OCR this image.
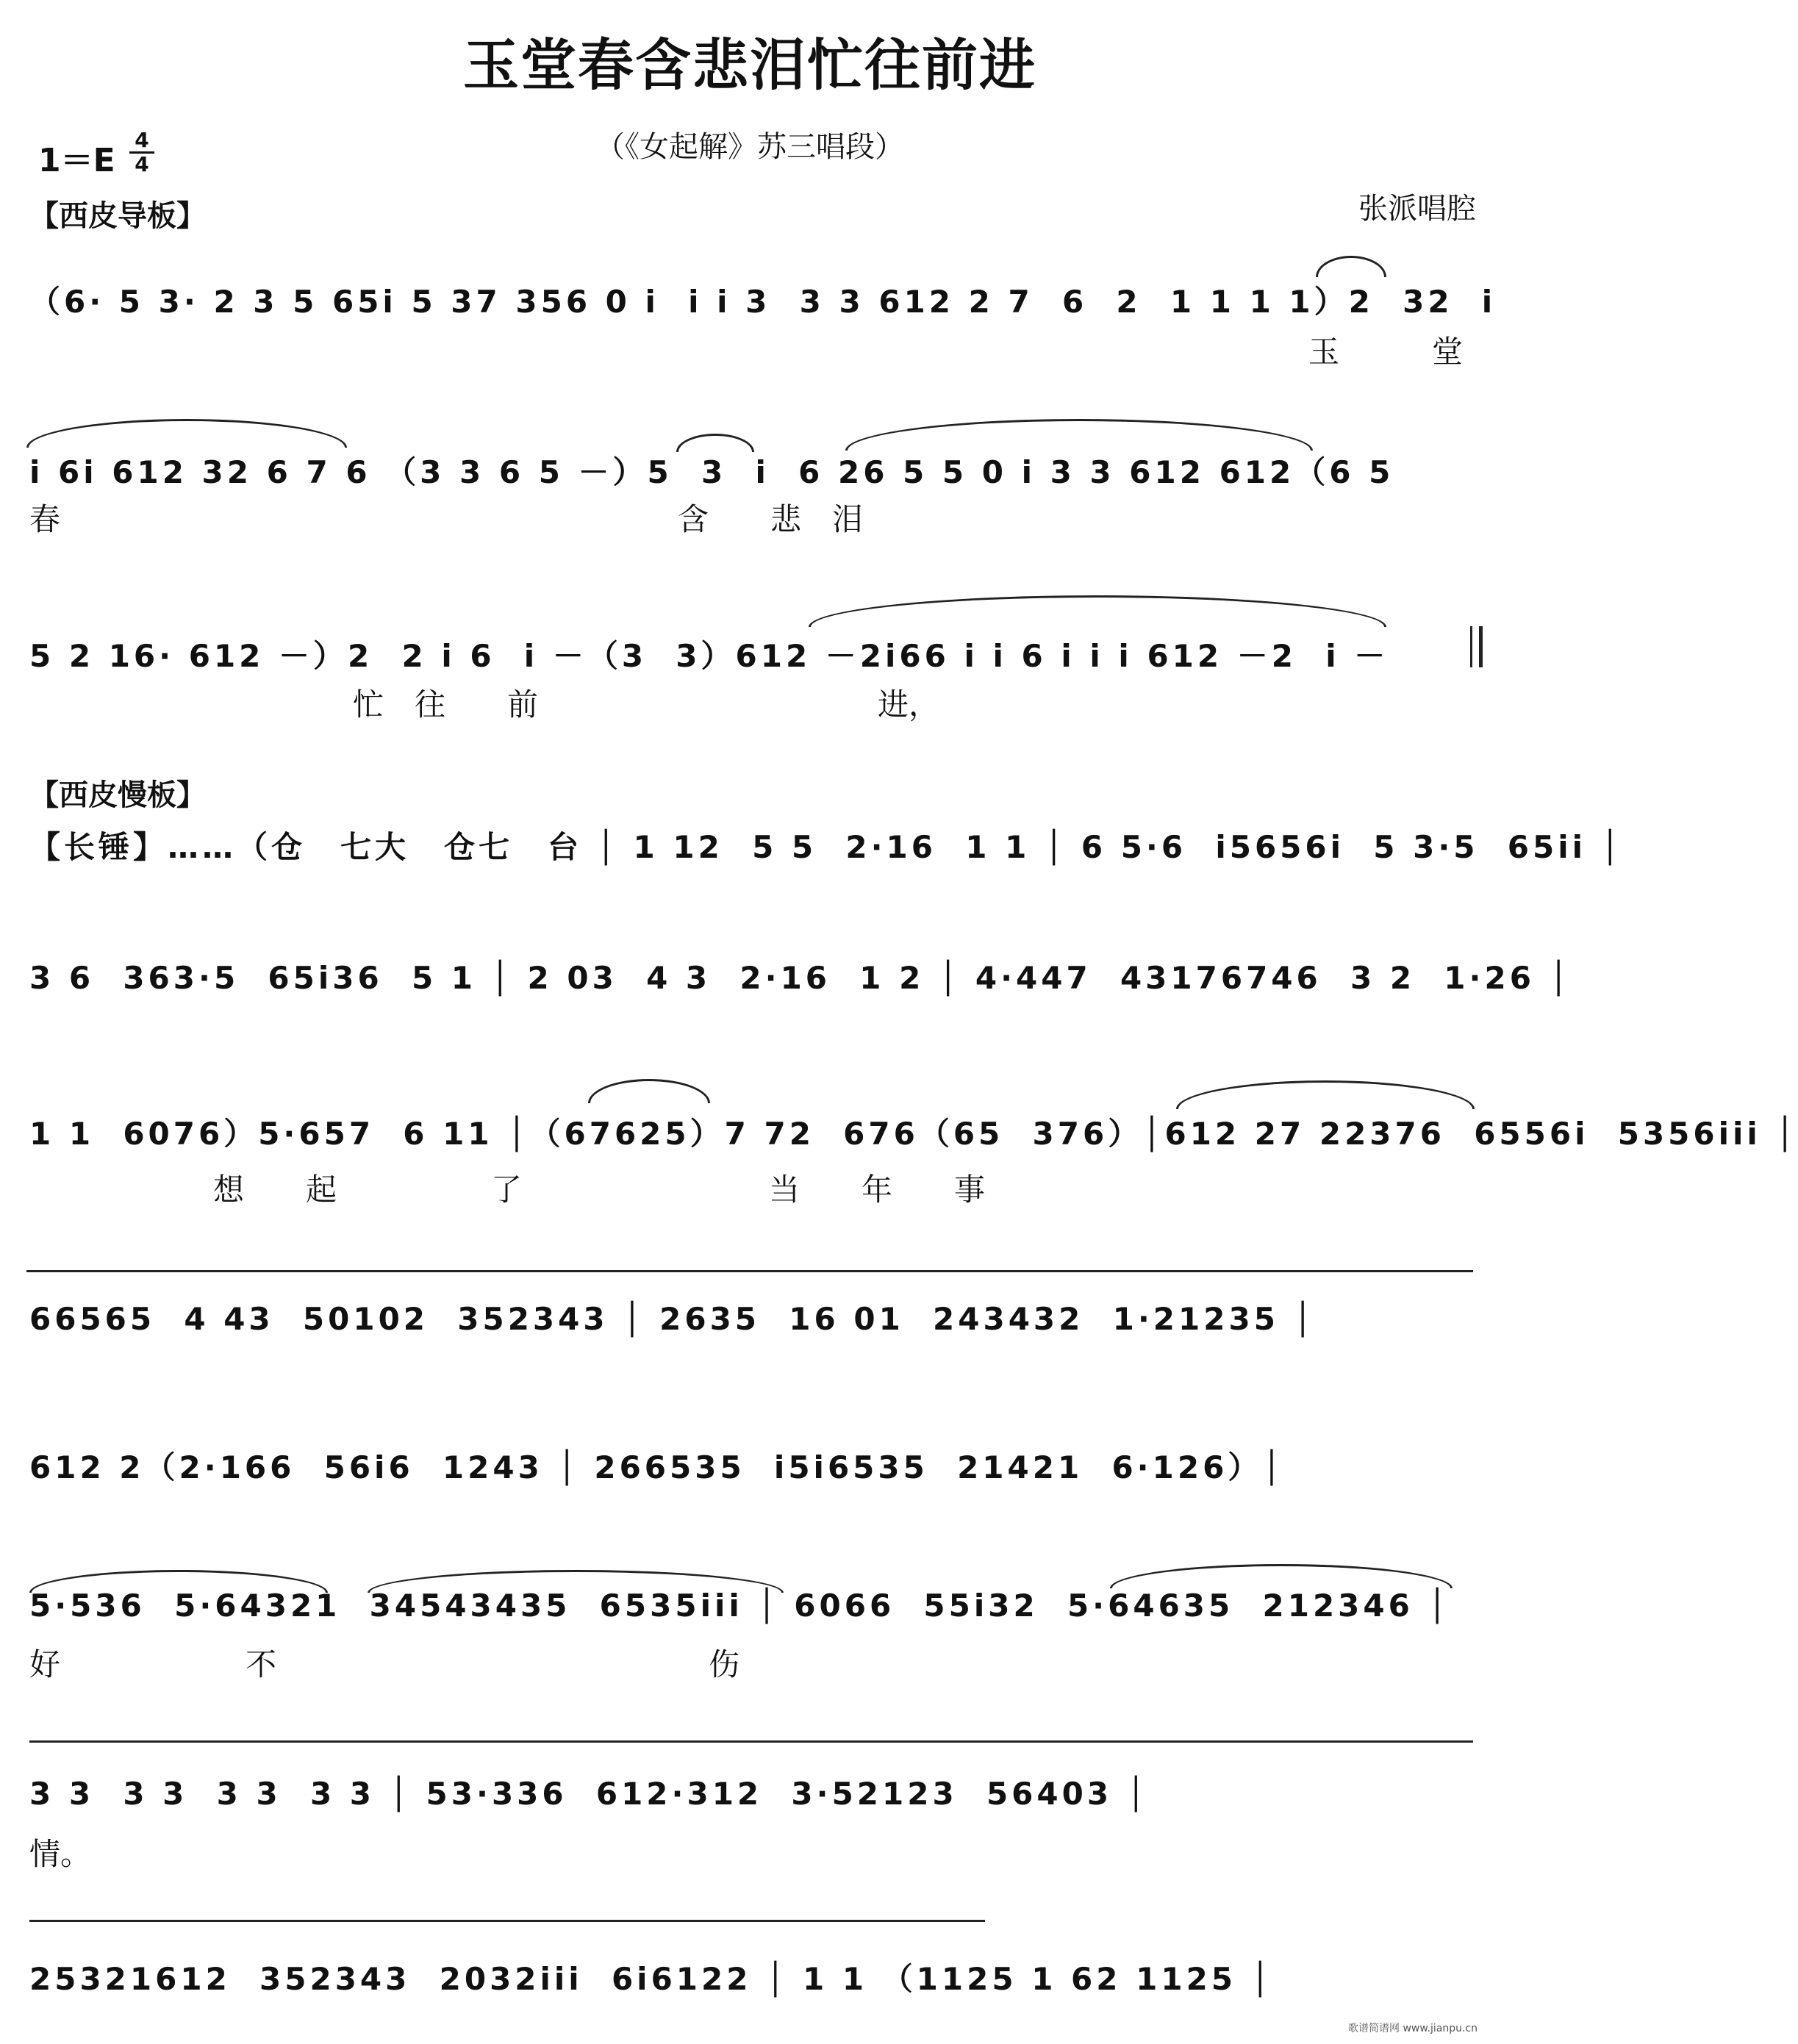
玉堂春含悲泪忙往前进
（《女起解》苏三唱段）
1＝E
4
4
张派唱腔
【西皮导板】
（6· 5 3· 2 3 5 65i 5 37 356 0 i  i i 3  3 3 612 2 7  6  2  1 1 1 1）2  32  i
玉　　　堂
i 6i 612 32 6 7 6 （3 3 6 5 －）5  3  i  6 26 5 5 0 i 3 3 612 612（6 5
春　　　　　　　　　　　　　　　　　　　　含　　悲　泪
5 2 16· 612 －）2  2 i 6  i －（3  3）612 －2i66 i i 6 i i i 612 －2  i －
忙　往　　前　　　　　　　　　　　进，
【西皮慢板】
【长锤】……（仓　七大　仓七　台 │ 1 12  5 5  2·16  1 1 │ 6 5·6  i5656i  5 3·5  65ii │
3 6  363·5  65i36  5 1 │ 2 03  4 3  2·16  1 2 │ 4·447  43176746  3 2  1·26 │
1 1  6076）5·657  6 11 │（67625）7 72  676（65  376）│612 27 22376  6556i  5356iii │
想　　起　　　　　了　　　　　　　　当　　年　　事
66565  4 43  50102  352343 │ 2635  16 01  243432  1·21235 │
612 2（2·166  56i6  1243 │ 266535  i5i6535  21421  6·126）│
5·536  5·64321  34543435  6535iii │ 6066  55i32  5·64635  212346 │
好　　　　　　不　　　　　　　　　　　　　　伤
3 3  3 3  3 3  3 3 │ 53·336  612·312  3·52123  56403 │
情。
25321612  352343  2032iii  6i6122 │ 1 1 （1125 1 62 1125 │
歌谱简谱网 www.jianpu.cn
